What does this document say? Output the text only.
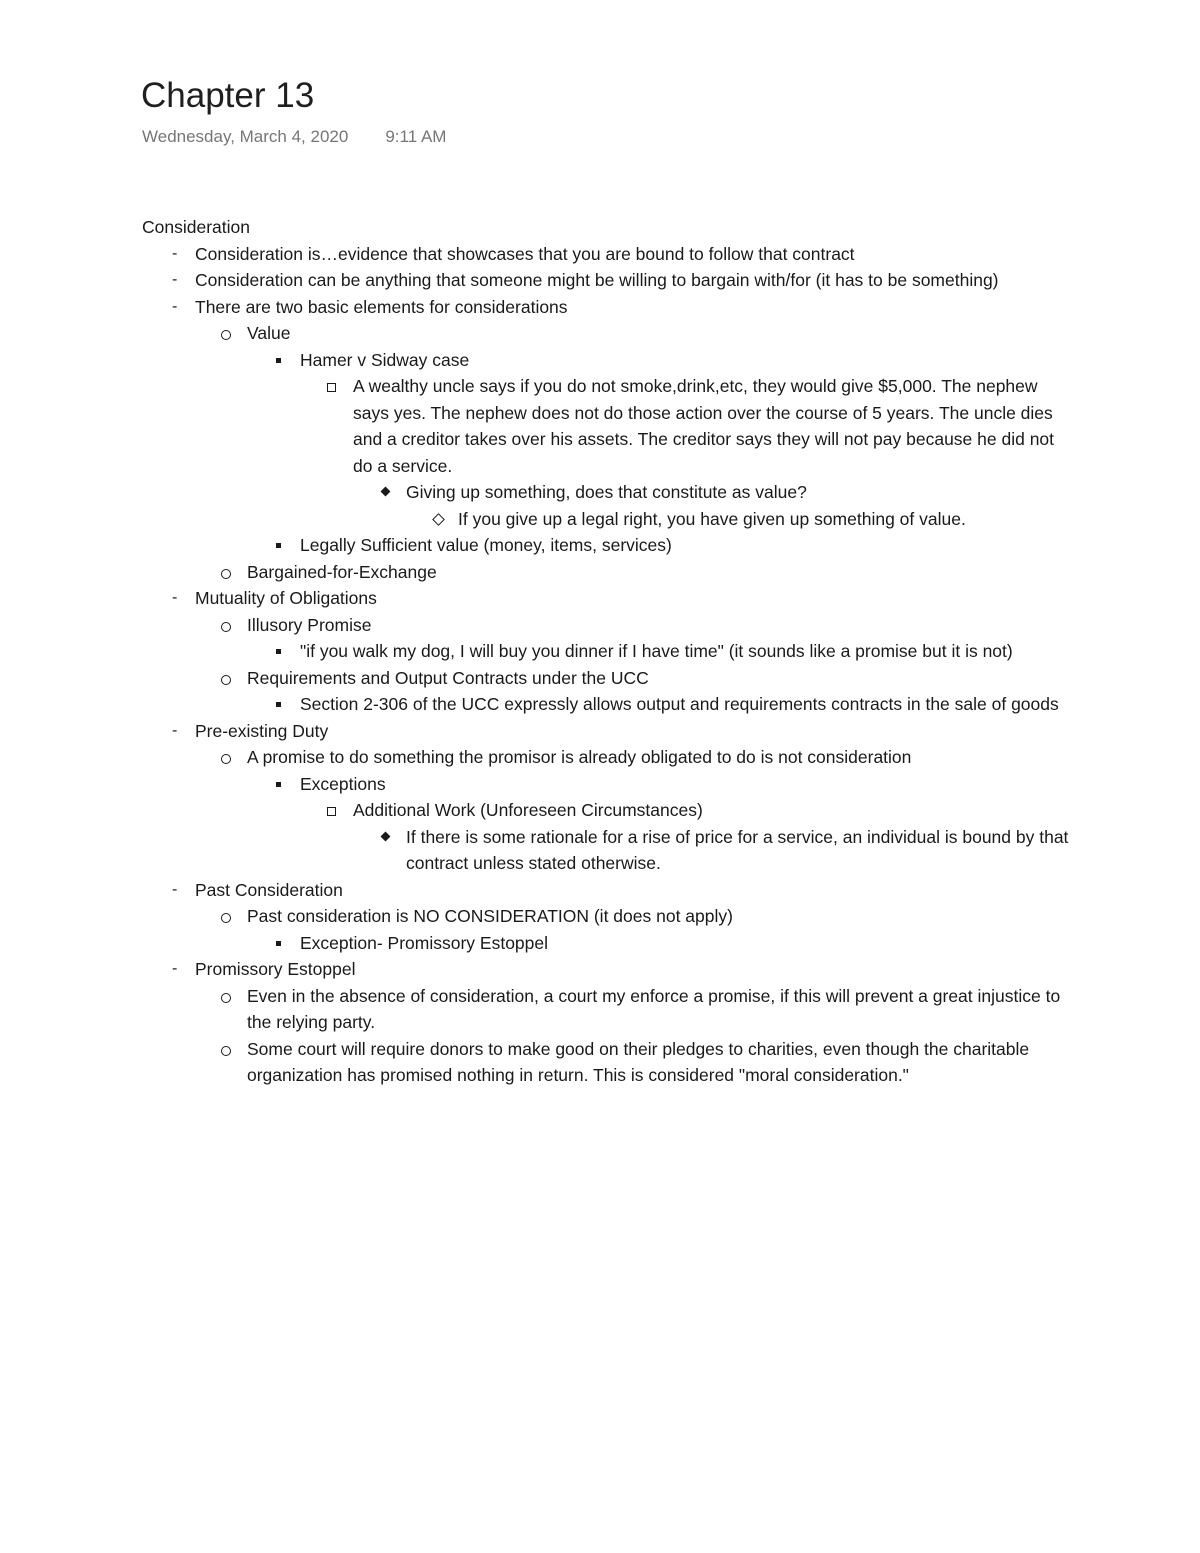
Chapter 13
Wednesday, March 4, 2020 9:11 AM
Consideration
- Consideration is…evidence that showcases that you are bound to follow that contract
- Consideration can be anything that someone might be willing to bargain with/for (it has to be something)
- There are two basic elements for considerations
Value
Hamer v Sidway case
A wealthy uncle says if you do not smoke,drink,etc, they would give $5,000. The nephew says yes. The nephew does not do those action over the course of 5 years. The uncle dies and a creditor takes over his assets. The creditor says they will not pay because he did not do a service.
Giving up something, does that constitute as value?
If you give up a legal right, you have given up something of value.
Legally Sufficient value (money, items, services)
Bargained-for-Exchange
- Mutuality of Obligations
Illusory Promise
"if you walk my dog, I will buy you dinner if I have time" (it sounds like a promise but it is not)
Requirements and Output Contracts under the UCC
Section 2-306 of the UCC expressly allows output and requirements contracts in the sale of goods
- Pre-existing Duty
A promise to do something the promisor is already obligated to do is not consideration
Exceptions
Additional Work (Unforeseen Circumstances)
If there is some rationale for a rise of price for a service, an individual is bound by that contract unless stated otherwise.
- Past Consideration
Past consideration is NO CONSIDERATION (it does not apply)
Exception- Promissory Estoppel
- Promissory Estoppel
Even in the absence of consideration, a court my enforce a promise, if this will prevent a great injustice to the relying party.
Some court will require donors to make good on their pledges to charities, even though the charitable organization has promised nothing in return. This is considered "moral consideration."
